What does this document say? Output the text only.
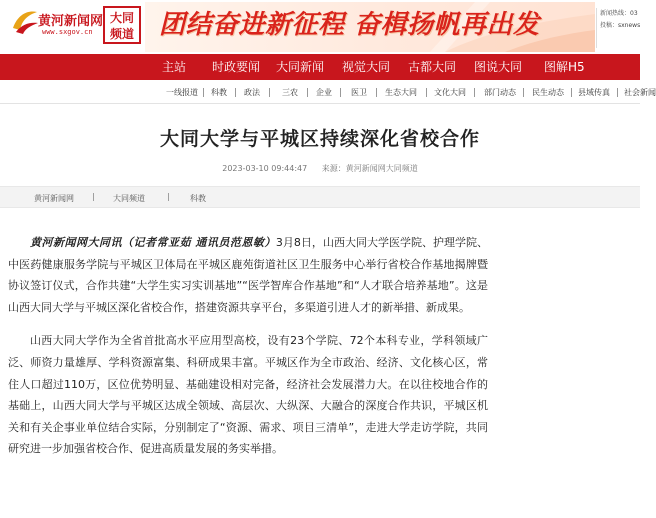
黄河新闻网
www.sxgov.cn
大同
频道 团结奋进新征程 奋楫扬帆再出发	新闻热线：03
投稿：sxnews
主站 时政要闻 大同新闻 视觉大同 古都大同 图说大同 图解H5
一线报道 科教 政法	三农 企业 医卫 生态大同 文化大同 部门动态 民生动态 县域传真 社会新闻
大同大学与平城区持续深化省校合作
2023-03-10 09:44:47 来源：黄河新闻网大同频道
黄河新闻网 | 大同频道	|	科教

黄河新闻网大同讯（记者常亚茹 通讯员范恩敏）3月8日，山西大同大学医学院、护理学院、中医药健康服务学院与平城区卫体局在平城区鹿苑街道社区卫生服务中心举行省校合作基地揭牌暨协议签订仪式，合作共建“大学生实习实训基地”“医学智库合作基地”和“人才联合培养基地”。这是山西大同大学与平城区深化省校合作，搭建资源共享平台，多渠道引进人才的新举措、新成果。

山西大同大学作为全省首批高水平应用型高校，设有23个学院、72个本科专业，学科领域广泛、师资力量雄厚、学科资源富集、科研成果丰富。平城区作为全市政治、经济、文化核心区，常住人口超过110万，区位优势明显、基础建设相对完备，经济社会发展潜力大。在以往校地合作的基础上，山西大同大学与平城区达成全领域、高层次、大纵深、大融合的深度合作共识，平城区机关和有关企事业单位结合实际，分别制定了“资源、需求、项目三清单”，走进大学走访学院，共同研究进一步加强省校合作、促进高质量发展的务实举措。
